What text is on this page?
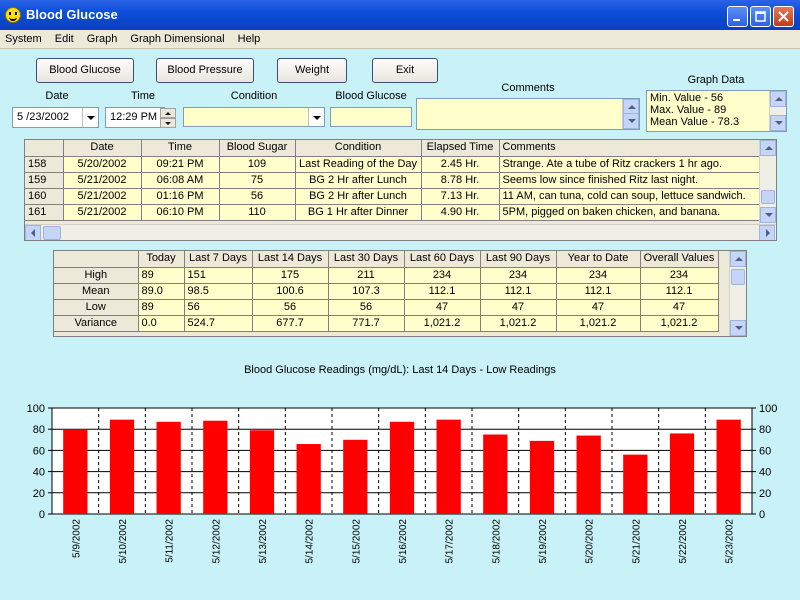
Blood Glucose
System Edit Graph Graph Dimensional Help
Blood Glucose	Blood Pressure	Weight	Exit
Date
5 /23/2002
Time
12:29 PM
Condition	Blood Glucose
Comments
Graph Data
Min. Value - 56
Max. Value - 89
Mean Value - 78.3
	Date	Time	Blood Sugar	Condition	Elapsed Time	Comments
158	5/20/2002	09:21 PM	109	Last Reading of the Day	2.45 Hr.	Strange. Ate a tube of Ritz crackers 1 hr ago.
159	5/21/2002	06:08 AM	75	BG 2 Hr after Lunch	8.78 Hr.	Seems low since finished Ritz last night.
160	5/21/2002	01:16 PM	56	BG 2 Hr after Lunch	7.13 Hr.	11 AM, can tuna, cold can soup, lettuce sandwich.
161	5/21/2002	06:10 PM	110	BG 1 Hr after Dinner	4.90 Hr.	5PM, pigged on baken chicken, and banana.
	Today	Last 7 Days	Last 14 Days	Last 30 Days	Last 60 Days	Last 90 Days	Year to Date	Overall Values
High	89	151	175	211	234	234	234	234
Mean	89.0	98.5	100.6	107.3	112.1	112.1	112.1	112.1
Low	89	56	56	56	47	47	47	47
Variance	0.0	524.7	677.7	771.7	1,021.2	1,021.2	1,021.2	1,021.2
Blood Glucose Readings (mg/dL): Last 14 Days - Low Readings
0	0
20	20
40	40
60	60
80	80
100	100
5/9/2002	5/10/2002	5/11/2002	5/12/2002	5/13/2002	5/14/2002	5/15/2002	5/16/2002	5/17/2002	5/18/2002	5/19/2002	5/20/2002	5/21/2002	5/22/2002	5/23/2002
